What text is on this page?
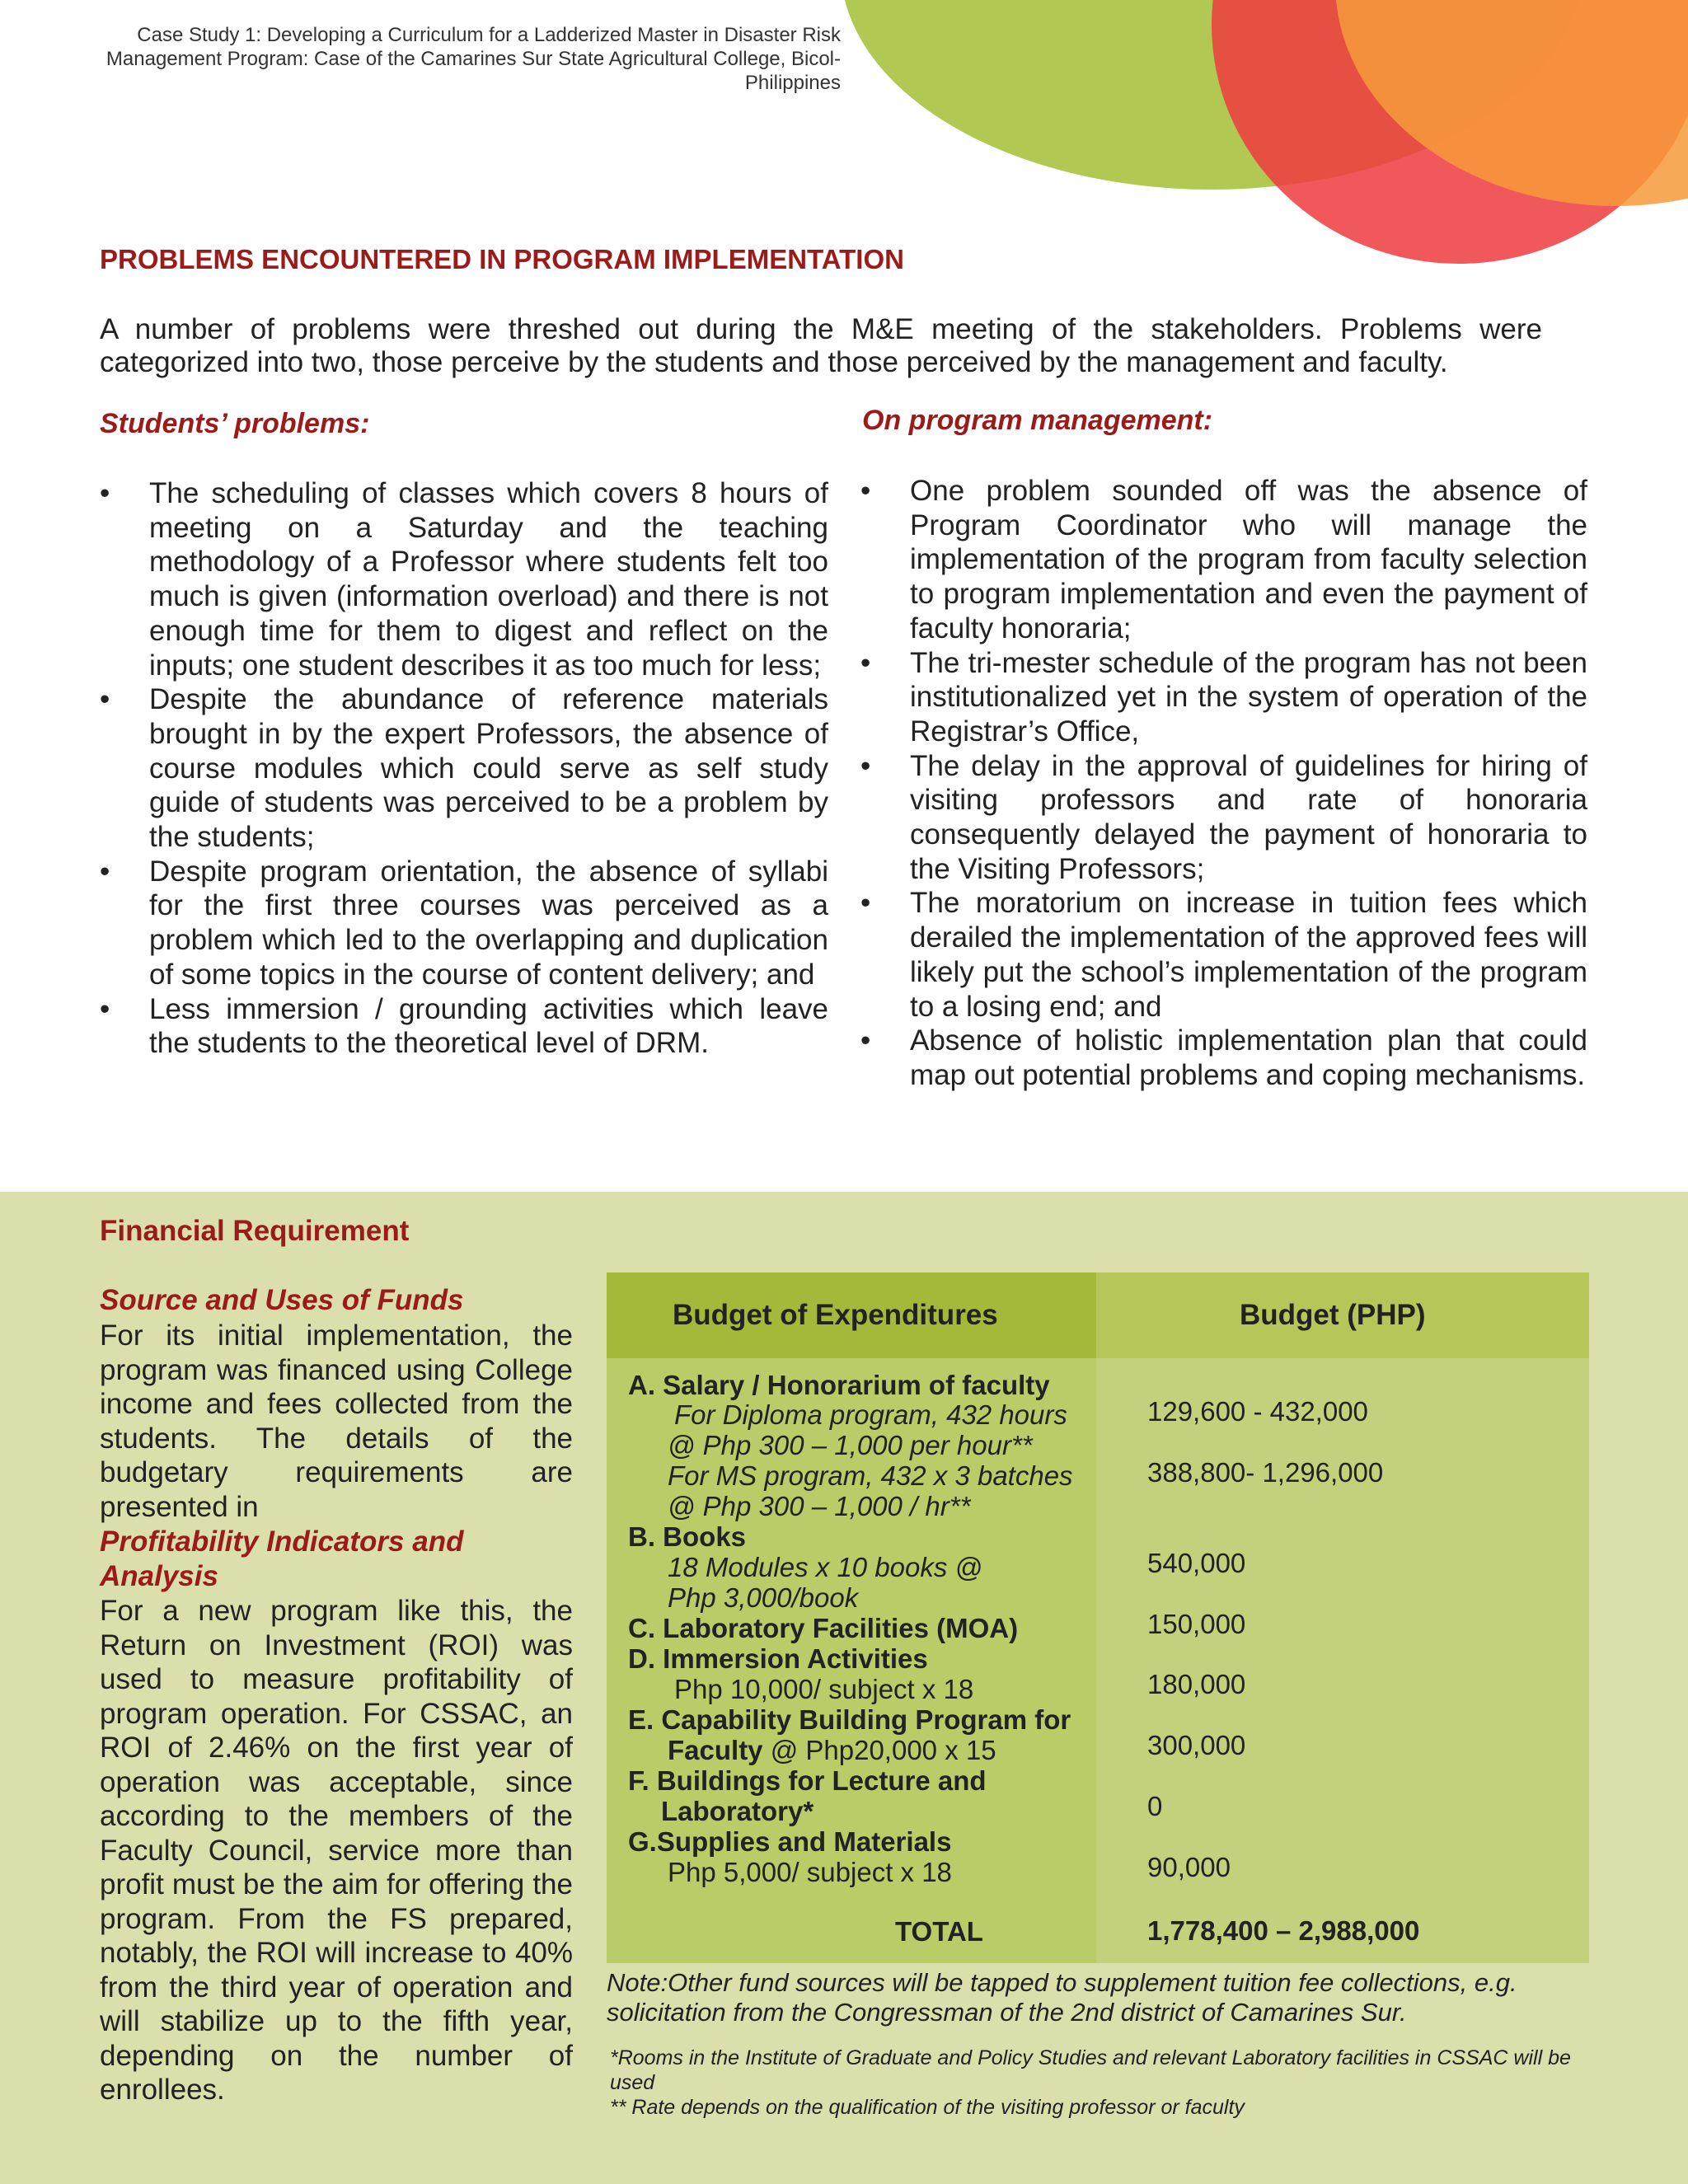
Case Study 1: Developing a Curriculum for a Ladderized Master in Disaster Risk Management Program: Case of the Camarines Sur State Agricultural College, Bicol-Philippines
PROBLEMS ENCOUNTERED IN PROGRAM IMPLEMENTATION
A number of problems were threshed out during the M&E meeting of the stakeholders. Problems were categorized into two, those perceive by the students and those perceived by the management and faculty.
Students’ problems:
• The scheduling of classes which covers 8 hours of meeting on a Saturday and the teaching methodology of a Professor where students felt too much is given (information overload) and there is not enough time for them to digest and reflect on the inputs; one student describes it as too much for less;
• Despite the abundance of reference materials brought in by the expert Professors, the absence of course modules which could serve as self study guide of students was perceived to be a problem by the students;
• Despite program orientation, the absence of syllabi for the first three courses was perceived as a problem which led to the overlapping and duplication of some topics in the course of content delivery; and
• Less immersion / grounding activities which leave the students to the theoretical level of DRM.
On program management:
• One problem sounded off was the absence of Program Coordinator who will manage the implementation of the program from faculty selection to program implementation and even the payment of faculty honoraria;
• The tri-mester schedule of the program has not been institutionalized yet in the system of operation of the Registrar’s Office,
• The delay in the approval of guidelines for hiring of visiting professors and rate of honoraria consequently delayed the payment of honoraria to the Visiting Professors;
• The moratorium on increase in tuition fees which derailed the implementation of the approved fees will likely put the school’s implementation of the program to a losing end; and
• Absence of holistic implementation plan that could map out potential problems and coping mechanisms.
Financial Requirement
Source and Uses of Funds
For its initial implementation, the program was financed using College income and fees collected from the students. The details of the budgetary requirements are presented in
Profitability Indicators and
Analysis
For a new program like this, the Return on Investment (ROI) was used to measure profitability of program operation. For CSSAC, an ROI of 2.46% on the first year of operation was acceptable, since according to the members of the Faculty Council, service more than profit must be the aim for offering the program. From the FS prepared, notably, the ROI will increase to 40% from the third year of operation and will stabilize up to the fifth year, depending on the number of enrollees.
Budget of Expenditures	Budget (PHP)
A. Salary / Honorarium of faculty
For Diploma program, 432 hours
@ Php 300 – 1,000 per hour**
For MS program, 432 x 3 batches
@ Php 300 – 1,000 / hr**
B. Books
18 Modules x 10 books @
Php 3,000/book
C. Laboratory Facilities (MOA)
D. Immersion Activities
Php 10,000/ subject x 18
E. Capability Building Program for
Faculty @ Php20,000 x 15
F. Buildings for Lecture and
Laboratory*
G.Supplies and Materials
Php 5,000/ subject x 18
TOTAL
129,600 - 432,000
388,800- 1,296,000
540,000
150,000
180,000
300,000
0
90,000
1,778,400 – 2,988,000
Note:Other fund sources will be tapped to supplement tuition fee collections, e.g. solicitation from the Congressman of the 2nd district of Camarines Sur.
*Rooms in the Institute of Graduate and Policy Studies and relevant Laboratory facilities in CSSAC will be used
** Rate depends on the qualification of the visiting professor or faculty
